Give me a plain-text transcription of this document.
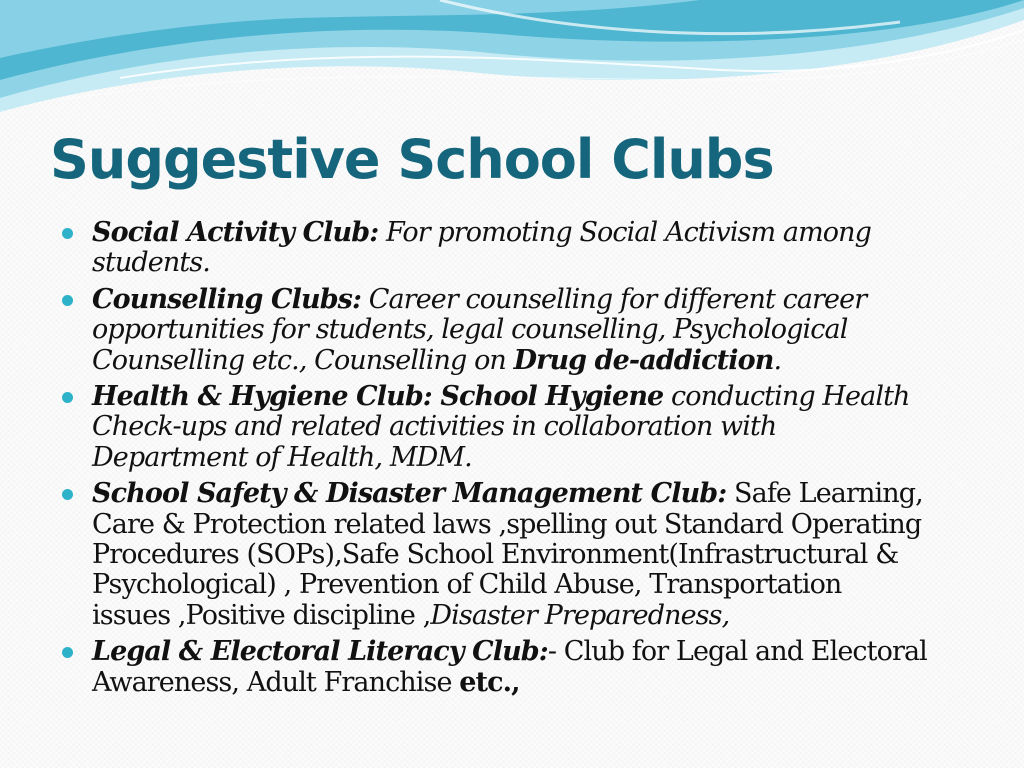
Suggestive School Clubs
Social Activity Club: For promoting Social Activism among
students.
Counselling Clubs: Career counselling for different career
opportunities for students, legal counselling, Psychological
Counselling etc., Counselling on Drug de-addiction.
Health & Hygiene Club: School Hygiene conducting Health
Check-ups and related activities in collaboration with
Department of Health, MDM.
School Safety & Disaster Management Club: Safe Learning,
Care & Protection related laws ,spelling out Standard Operating
Procedures (SOPs),Safe School Environment(Infrastructural &
Psychological) , Prevention of Child Abuse, Transportation
issues ,Positive discipline ,Disaster Preparedness,
Legal & Electoral Literacy Club:- Club for Legal and Electoral
Awareness, Adult Franchise etc.,
